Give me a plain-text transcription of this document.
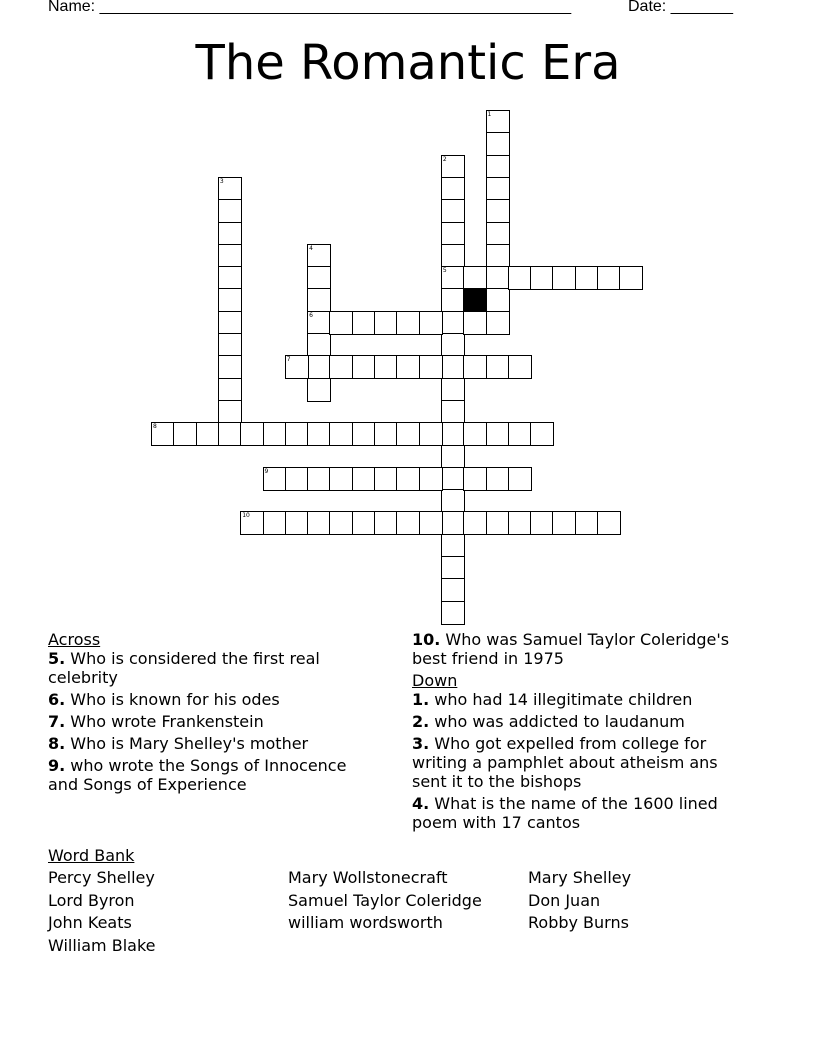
Name: _____________________________________________________	Date: _______
The Romantic Era
1
2
5
3
4
6
7
8
9
10

Across

5. Who is considered the first real celebrity

6. Who is known for his odes

7. Who wrote Frankenstein

8. Who is Mary Shelley's mother

9. who wrote the Songs of Innocence and Songs of Experience

10. Who was Samuel Taylor Coleridge's best friend in 1975

Down

1. who had 14 illegitimate children

2. who was addicted to laudanum

3. Who got expelled from college for writing a pamphlet about atheism ans sent it to the bishops

4. What is the name of the 1600 lined poem with 17 cantos

Word Bank
Percy Shelley
Lord Byron
John Keats
William Blake
Mary Wollstonecraft
Samuel Taylor Coleridge
william wordsworth
Mary Shelley
Don Juan
Robby Burns
